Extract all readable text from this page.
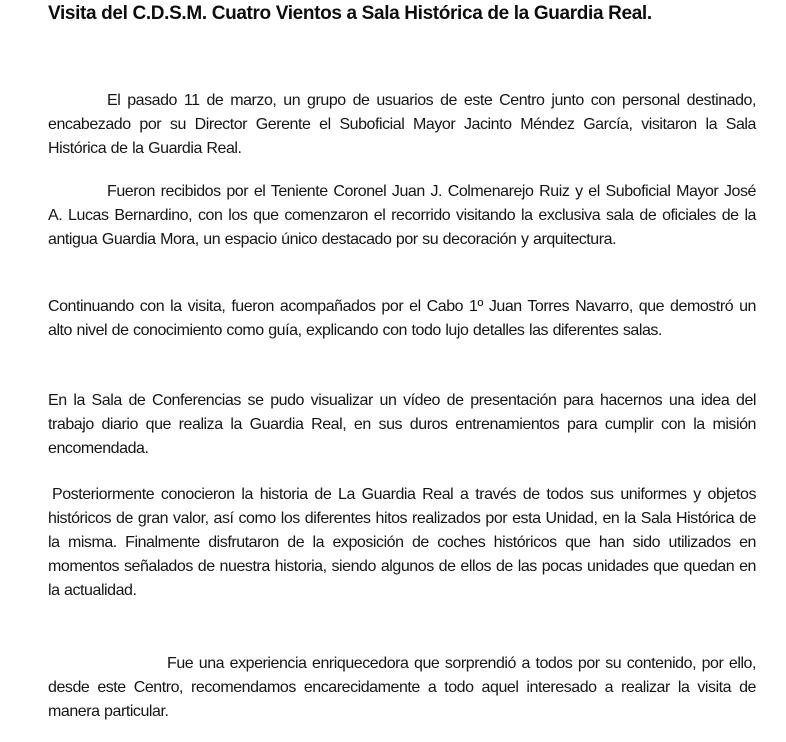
Visita del C.D.S.M. Cuatro Vientos a Sala Histórica de la Guardia Real.

El pasado 11 de marzo, un grupo de usuarios de este Centro junto con personal destinado, encabezado por su Director Gerente el Suboficial Mayor Jacinto Méndez García, visitaron la Sala Histórica de la Guardia Real.

Fueron recibidos por el Teniente Coronel Juan J. Colmenarejo Ruiz y el Suboficial Mayor José A. Lucas Bernardino, con los que comenzaron el recorrido visitando la exclusiva sala de oficiales de la antigua Guardia Mora, un espacio único destacado por su decoración y arquitectura.

Continuando con la visita, fueron acompañados por el Cabo 1º Juan Torres Navarro, que demostró un alto nivel de conocimiento como guía, explicando con todo lujo detalles las diferentes salas.

En la Sala de Conferencias se pudo visualizar un vídeo de presentación para hacernos una idea del trabajo diario que realiza la Guardia Real, en sus duros entrenamientos para cumplir con la misión encomendada.

Posteriormente conocieron la historia de La Guardia Real a través de todos sus uniformes y objetos históricos de gran valor, así como los diferentes hitos realizados por esta Unidad, en la Sala Histórica de la misma. Finalmente disfrutaron de la exposición de coches históricos que han sido utilizados en momentos señalados de nuestra historia, siendo algunos de ellos de las pocas unidades que quedan en la actualidad.

Fue una experiencia enriquecedora que sorprendió a todos por su contenido, por ello, desde este Centro, recomendamos encarecidamente a todo aquel interesado a realizar la visita de manera particular.
